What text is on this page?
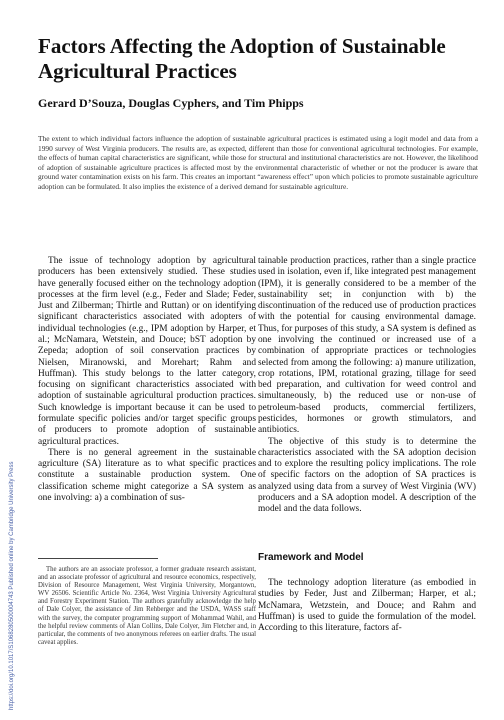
Factors Affecting the Adoption of Sustainable Agricultural Practices
Gerard D’Souza, Douglas Cyphers, and Tim Phipps
The extent to which individual factors influence the adoption of sustainable agricultural practices is estimated using a logit model and data from a 1990 survey of West Virginia producers. The results are, as expected, different than those for conventional agricultural technologies. For example, the effects of human capital characteristics are significant, while those for structural and institutional characteristics are not. However, the likelihood of adoption of sustainable agriculture practices is affected most by the environmental characteristic of whether or not the producer is aware that ground water contamination exists on his farm. This creates an important “awareness effect” upon which policies to promote sustainable agriculture adoption can be formulated. It also implies the existence of a derived demand for sustainable agriculture.

The issue of technology adoption by agricultural producers has been extensively studied. These studies have generally focused either on the technology adoption processes at the firm level (e.g., Feder and Slade; Feder, Just and Zilberman; Thirtle and Ruttan) or on identifying significant characteristics associated with adopters of individual technologies (e.g., IPM adoption by Harper, et al.; McNamara, Wetstein, and Douce; bST adoption by Zepeda; adoption of soil conservation practices by Nielsen, Miranowski, and Morehart; Rahm and Huffman). This study belongs to the latter category, focusing on significant characteristics associated with adoption of sustainable agricultural production practices. Such knowledge is important because it can be used to formulate specific policies and/or target specific groups of producers to promote adoption of sustainable agricultural practices.

There is no general agreement in the sustainable agriculture (SA) literature as to what specific practices constitute a sustainable production system. One classification scheme might categorize a SA system as one involving: a) a combination of sus-

tainable production practices, rather than a single practice used in isolation, even if, like integrated pest management (IPM), it is generally considered to be a member of the sustainability set; in conjunction with b) the discontinuation of the reduced use of production practices with the potential for causing environmental damage. Thus, for purposes of this study, a SA system is defined as one involving the continued or increased use of a combination of appropriate practices or technologies selected from among the following: a) manure utilization, crop rotations, IPM, rotational grazing, tillage for seed bed preparation, and cultivation for weed control and simultaneously, b) the reduced use or non-use of petroleum-based products, commercial fertilizers, pesticides, hormones or growth stimulators, and antibiotics.

The objective of this study is to determine the characteristics associated with the SA adoption decision and to explore the resulting policy implications. The role of specific factors on the adoption of SA practices is analyzed using data from a survey of West Virginia (WV) producers and a SA adoption model. A description of the model and the data follows.

The authors are an associate professor, a former graduate research assistant, and an associate professor of agricultural and resource economics, respectively, Division of Resource Management, West Virginia University, Morgantown, WV 26506. Scientific Article No. 2364, West Virginia University Agricultural and Forestry Experiment Station. The authors gratefully acknowledge the help of Dale Colyer, the assistance of Jim Rehberger and the USDA, WASS staff with the survey, the computer programming support of Mohammad Wahil, and the helpful review comments of Alan Collins, Dale Colyer, Jim Fletcher and, in particular, the comments of two anonymous referees on earlier drafts. The usual caveat applies.
Framework and Model
The technology adoption literature (as embodied in studies by Feder, Just and Zilberman; Harper, et al.; McNamara, Wetzstein, and Douce; and Rahm and Huffman) is used to guide the formulation of the model. According to this literature, factors af-
https://doi.org/10.1017/S1068280500004743 Published online by Cambridge University Press
